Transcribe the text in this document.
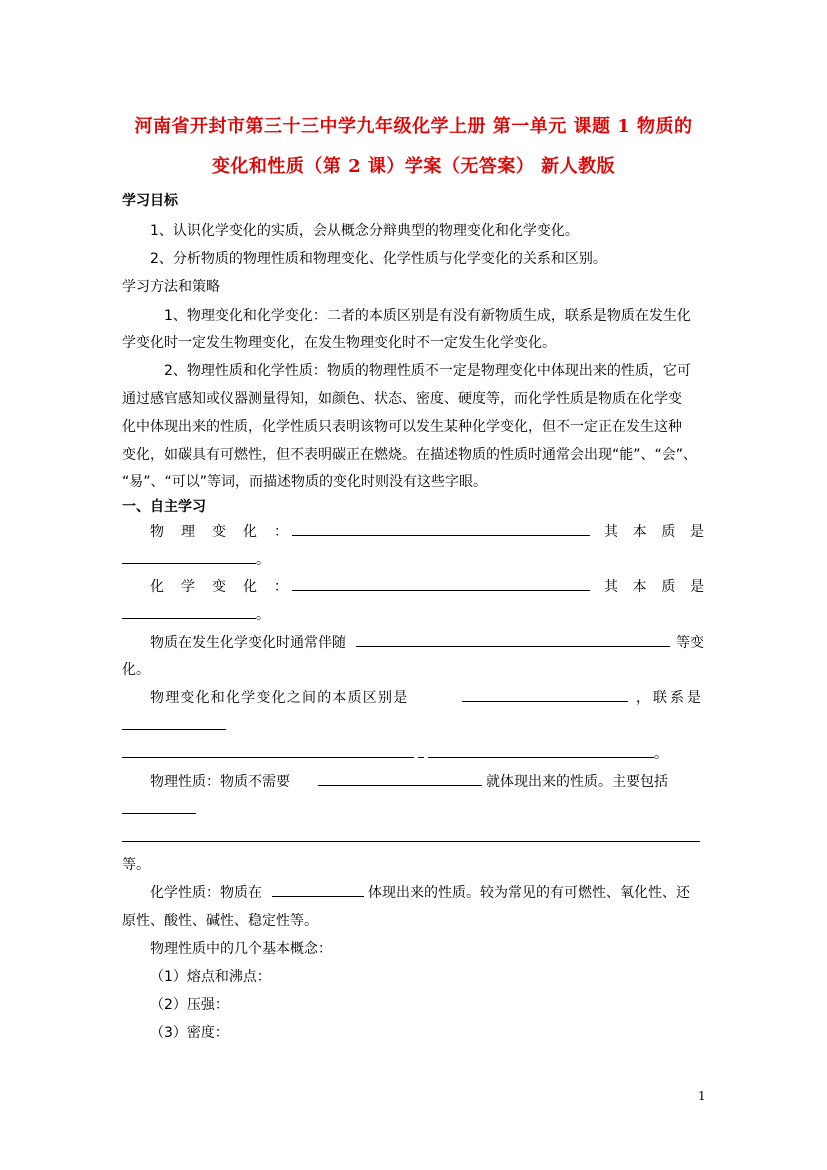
河南省开封市第三十三中学九年级化学上册 第一单元 课题 1 物质的
变化和性质（第 2 课）学案（无答案） 新人教版
学习目标
1、认识化学变化的实质，会从概念分辩典型的物理变化和化学变化。
2、分析物质的物理性质和物理变化、化学性质与化学变化的关系和区别。
学习方法和策略
1、物理变化和化学变化：二者的本质区别是有没有新物质生成，联系是物质在发生化
学变化时一定发生物理变化，在发生物理变化时不一定发生化学变化。
2、物理性质和化学性质：物质的物理性质不一定是物理变化中体现出来的性质，它可
通过感官感知或仪器测量得知，如颜色、状态、密度、硬度等，而化学性质是物质在化学变
化中体现出来的性质，化学性质只表明该物可以发生某种化学变化，但不一定正在发生这种
变化，如碳具有可燃性，但不表明碳正在燃烧。在描述物质的性质时通常会出现“能”、“会”、
“易”、“可以”等词，而描述物质的变化时则没有这些字眼。
一、自主学习
物 理 变 化 ：	其 本 质 是
。
化 学 变 化 ：	其 本 质 是
。
物质在发生化学变化时通常伴随	等变
化。
物理变化和化学变化之间的本质区别是	，联系是
。
物理性质：物质不需要	就体现出来的性质。主要包括
等。
化学性质：物质在	体现出来的性质。较为常见的有可燃性、氧化性、还
原性、酸性、碱性、稳定性等。
物理性质中的几个基本概念：
（1）熔点和沸点：
（2）压强：
（3）密度：
1
